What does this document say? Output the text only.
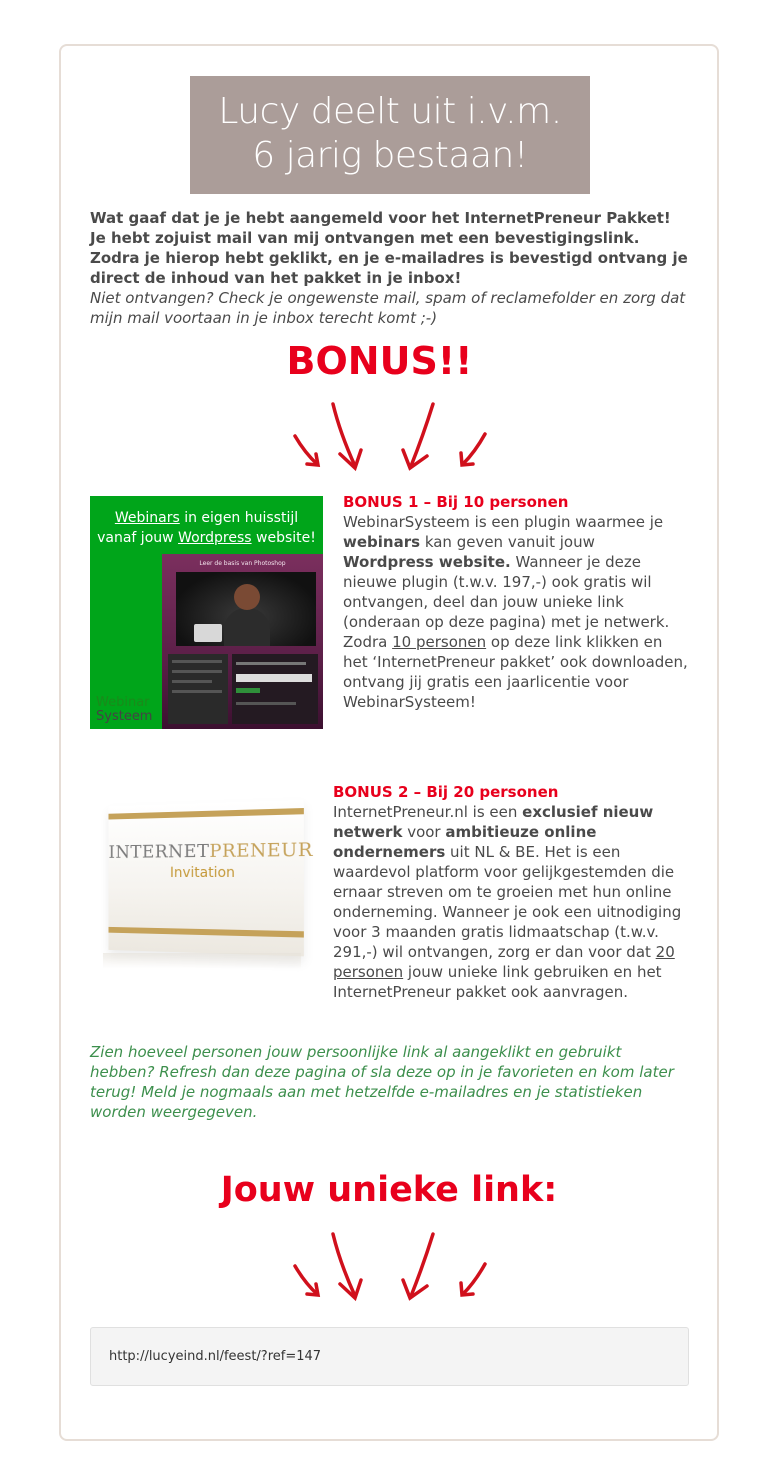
Lucy deelt uit i.v.m.
6 jarig bestaan!
Wat gaaf dat je je hebt aangemeld voor het InternetPreneur Pakket!
Je hebt zojuist mail van mij ontvangen met een bevestigingslink.
Zodra je hierop hebt geklikt, en je e-mailadres is bevestigd ontvang je direct de inhoud van het pakket in je inbox!
Niet ontvangen? Check je ongewenste mail, spam of reclamefolder en zorg dat mijn mail voortaan in je inbox terecht komt ;-)
BONUS!!
Webinars in eigen huisstijl
vanaf jouw Wordpress website!
Leer de basis van Photoshop
Webinar
Systeem
BONUS 1 – Bij 10 personen
WebinarSysteem is een plugin waarmee je webinars kan geven vanuit jouw Wordpress website. Wanneer je deze nieuwe plugin (t.w.v. 197,-) ook gratis wil ontvangen, deel dan jouw unieke link (onderaan op deze pagina) met je netwerk. Zodra 10 personen op deze link klikken en het ‘InternetPreneur pakket’ ook downloaden, ontvang jij gratis een jaarlicentie voor WebinarSysteem!
INTERNETPRENEUR
Invitation
BONUS 2 – Bij 20 personen
InternetPreneur.nl is een exclusief nieuw netwerk voor ambitieuze online ondernemers uit NL & BE. Het is een waardevol platform voor gelijkgestemden die ernaar streven om te groeien met hun online onderneming. Wanneer je ook een uitnodiging voor 3 maanden gratis lidmaatschap (t.w.v. 291,-) wil ontvangen, zorg er dan voor dat 20 personen jouw unieke link gebruiken en het InternetPreneur pakket ook aanvragen.
Zien hoeveel personen jouw persoonlijke link al aangeklikt en gebruikt hebben? Refresh dan deze pagina of sla deze op in je favorieten en kom later terug! Meld je nogmaals aan met hetzelfde e-mailadres en je statistieken worden weergegeven.
Jouw unieke link:
http://lucyeind.nl/feest/?ref=147
